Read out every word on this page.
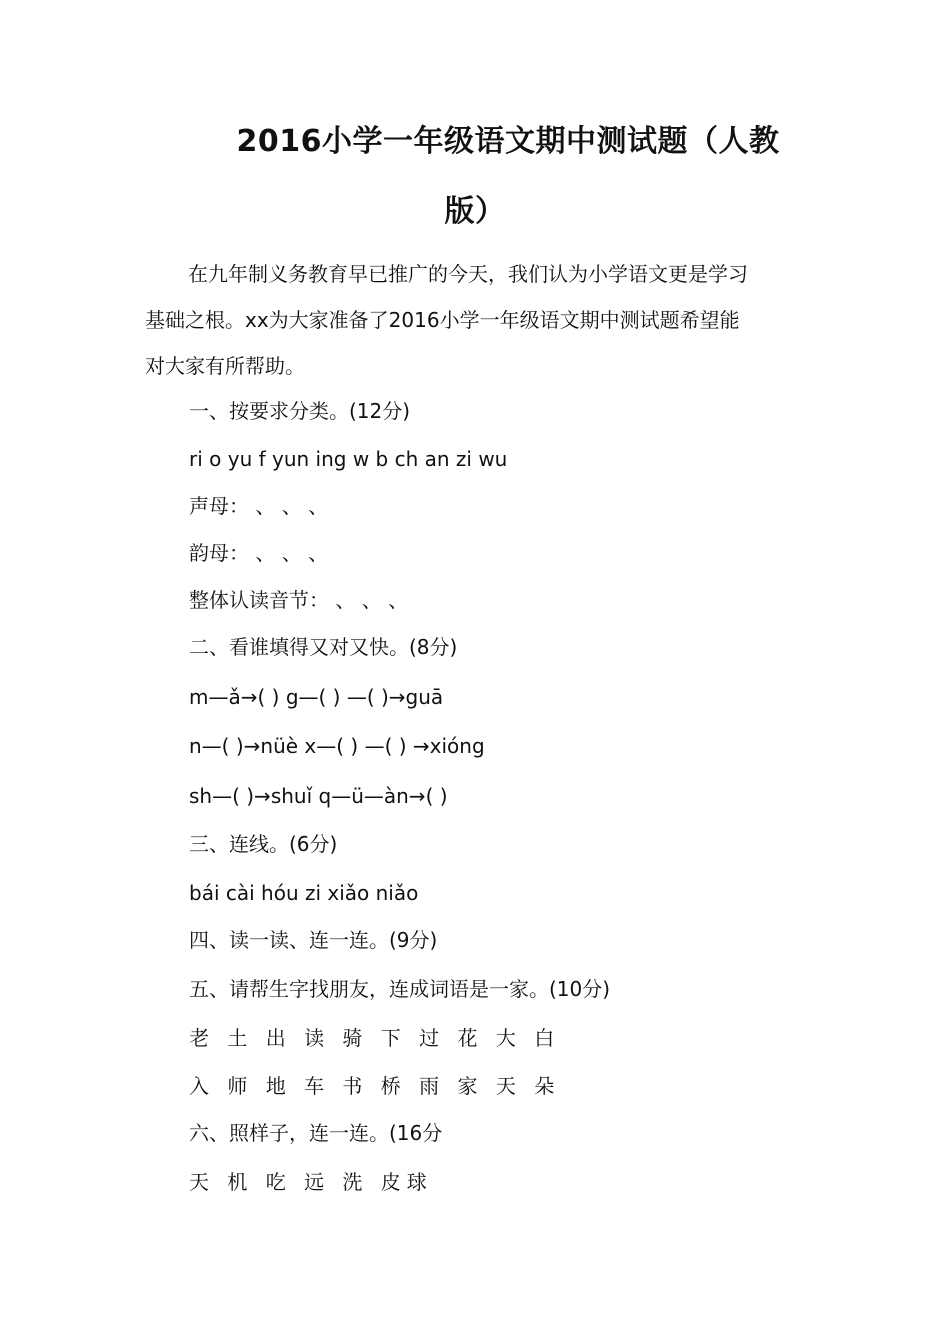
2016小学一年级语文期中测试题（人教
版）

在九年制义务教育早已推广的今天，我们认为小学语文更是学习

基础之根。xx为大家准备了2016小学一年级语文期中测试题希望能

对大家有所帮助。

一、按要求分类。(12分)

ri o yu f yun ing w b ch an zi wu

声母： 、 、 、

韵母： 、 、 、

整体认读音节： 、 、 、

二、看谁填得又对又快。(8分)

m—ǎ→( ) g—( ) —( )→guā

n—( )→nüè x—( ) —( ) →xióng

sh—( )→shuǐ q—ü—àn→( )

三、连线。(6分)

bái cài hóu zi xiǎo niǎo

四、读一读、连一连。(9分)

五、请帮生字找朋友，连成词语是一家。(10分)

老 土 出 读 骑 下 过 花 大 白

入 师 地 车 书 桥 雨 家 天 朵

六、照样子，连一连。(16分

天 机 吃 远 洗 皮球
